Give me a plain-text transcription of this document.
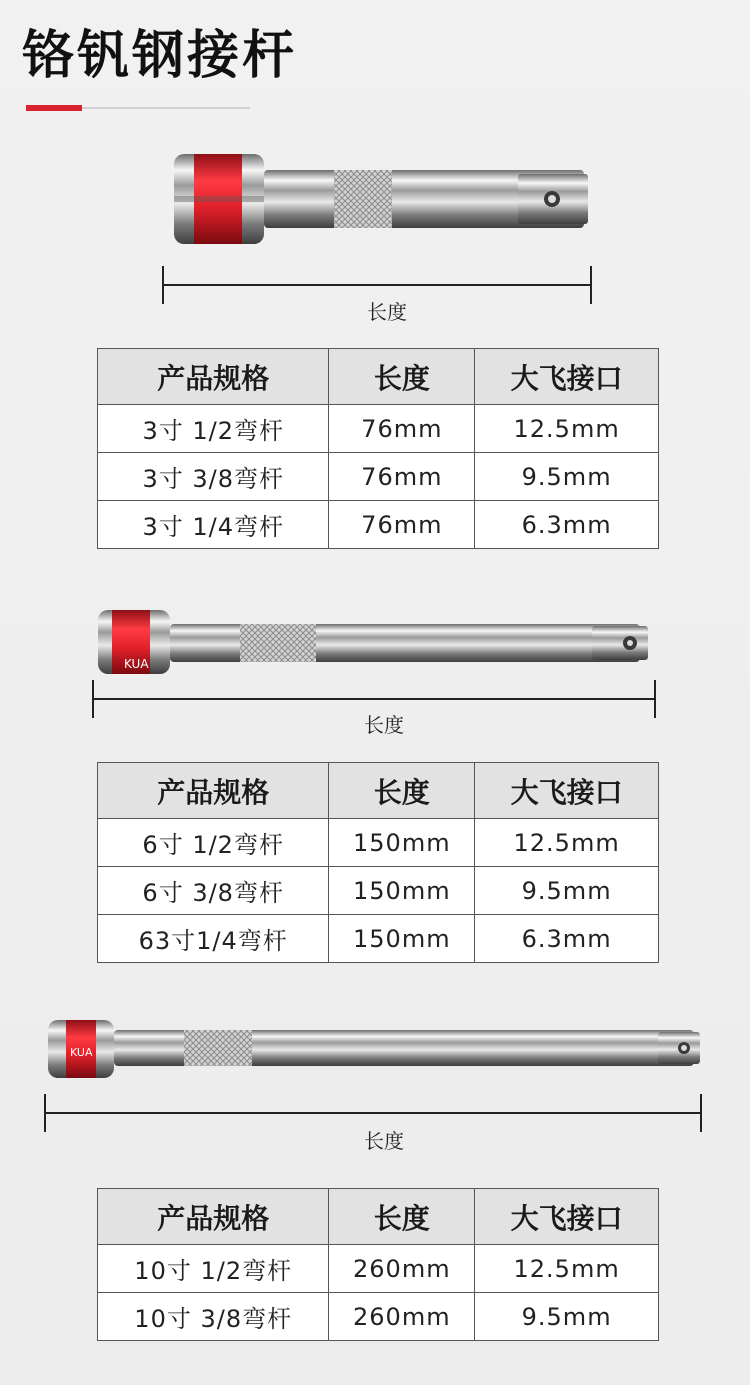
铬钒钢接杆
长度
产品规格	长度	大飞接口
3寸 1/2弯杆	76mm	12.5mm
3寸 3/8弯杆	76mm	9.5mm
3寸 1/4弯杆	76mm	6.3mm
KUA
长度
产品规格	长度	大飞接口
6寸 1/2弯杆	150mm	12.5mm
6寸 3/8弯杆	150mm	9.5mm
63寸1/4弯杆	150mm	6.3mm
KUA
长度
产品规格	长度	大飞接口
10寸 1/2弯杆	260mm	12.5mm
10寸 3/8弯杆	260mm	9.5mm
